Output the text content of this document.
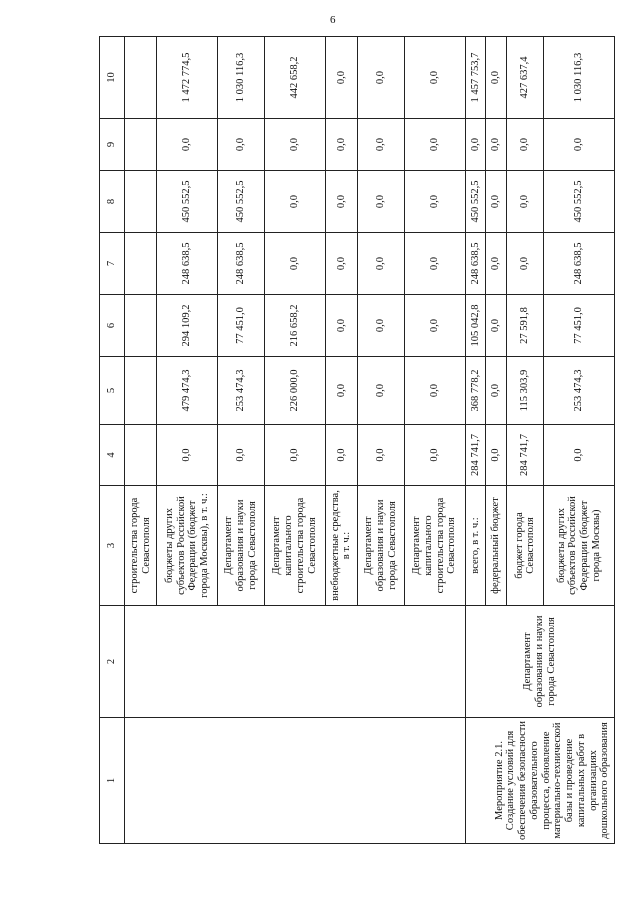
6
1	2	3	4	5	6	7	8	9	10
		строительства города Севастополя							
		бюджеты других субъектов Российской Федерации (бюджет города Москвы), в т. ч.:	0,0	479 474,3	294 109,2	248 638,5	450 552,5	0,0	1 472 774,5
		Департамент образования и науки города Севастополя	0,0	253 474,3	77 451,0	248 638,5	450 552,5	0,0	1 030 116,3
		Департамент капитального строительства города Севастополя	0,0	226 000,0	216 658,2	0,0	0,0	0,0	442 658,2
		внебюджетные средства, в т. ч.:	0,0	0,0	0,0	0,0	0,0	0,0	0,0
		Департамент образования и науки города Севастополя	0,0	0,0	0,0	0,0	0,0	0,0	0,0
		Департамент капитального строительства города Севастополя	0,0	0,0	0,0	0,0	0,0	0,0	0,0
Мероприятие 2.1. Создание условий для обеспечения безопасности образовательного процесса, обновление материально-технической базы и проведение капитальных работ в организациях дошкольного образования	Департамент образования и науки города Севастополя	всего, в т. ч.:	284 741,7	368 778,2	105 042,8	248 638,5	450 552,5	0,0	1 457 753,7
		федеральный бюджет	0,0	0,0	0,0	0,0	0,0	0,0	0,0
		бюджет города Севастополя	284 741,7	115 303,9	27 591,8	0,0	0,0	0,0	427 637,4
		бюджеты других субъектов Российской Федерации (бюджет города Москвы)	0,0	253 474,3	77 451,0	248 638,5	450 552,5	0,0	1 030 116,3
